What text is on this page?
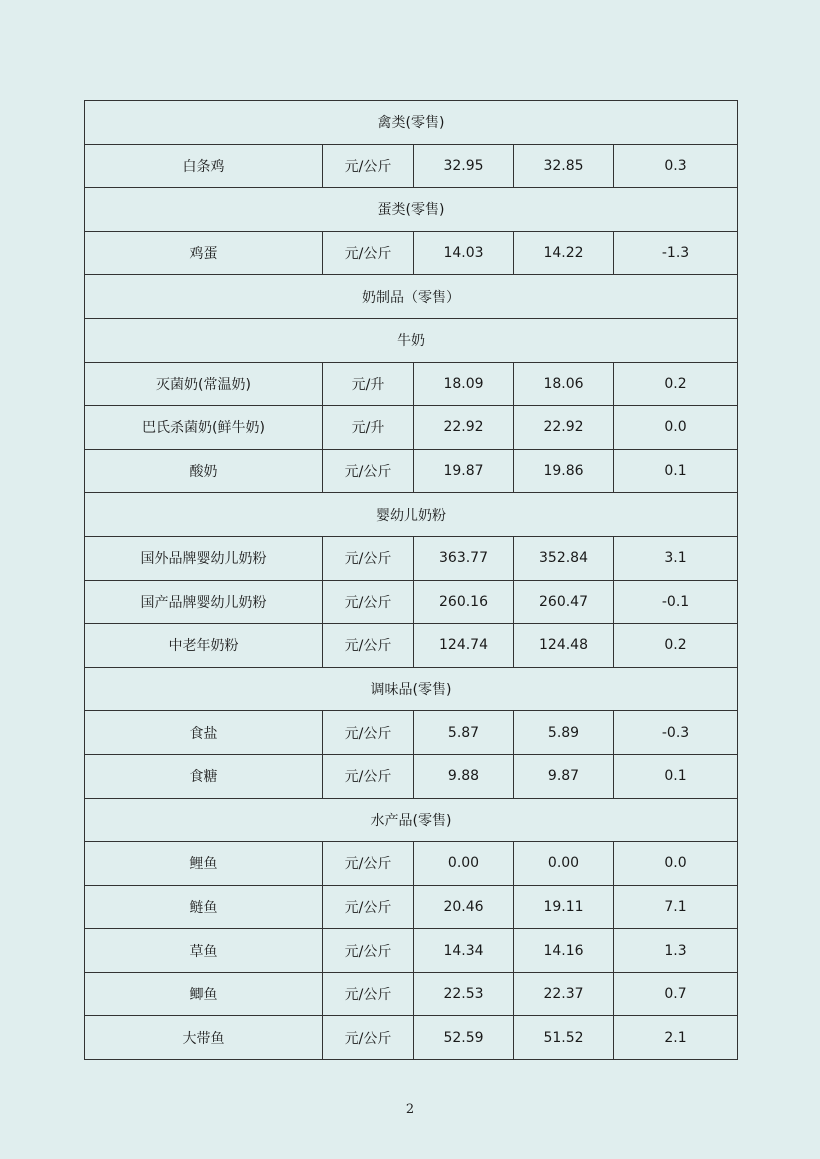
禽类(零售)				
白条鸡	元/公斤	32.95	32.85	0.3
蛋类(零售)				
鸡蛋	元/公斤	14.03	14.22	-1.3
奶制品（零售）				
牛奶				
灭菌奶(常温奶)	元/升	18.09	18.06	0.2
巴氏杀菌奶(鲜牛奶)	元/升	22.92	22.92	0.0
酸奶	元/公斤	19.87	19.86	0.1
婴幼儿奶粉				
国外品牌婴幼儿奶粉	元/公斤	363.77	352.84	3.1
国产品牌婴幼儿奶粉	元/公斤	260.16	260.47	-0.1
中老年奶粉	元/公斤	124.74	124.48	0.2
调味品(零售)				
食盐	元/公斤	5.87	5.89	-0.3
食糖	元/公斤	9.88	9.87	0.1
水产品(零售)				
鲤鱼	元/公斤	0.00	0.00	0.0
鲢鱼	元/公斤	20.46	19.11	7.1
草鱼	元/公斤	14.34	14.16	1.3
鲫鱼	元/公斤	22.53	22.37	0.7
大带鱼	元/公斤	52.59	51.52	2.1
2
